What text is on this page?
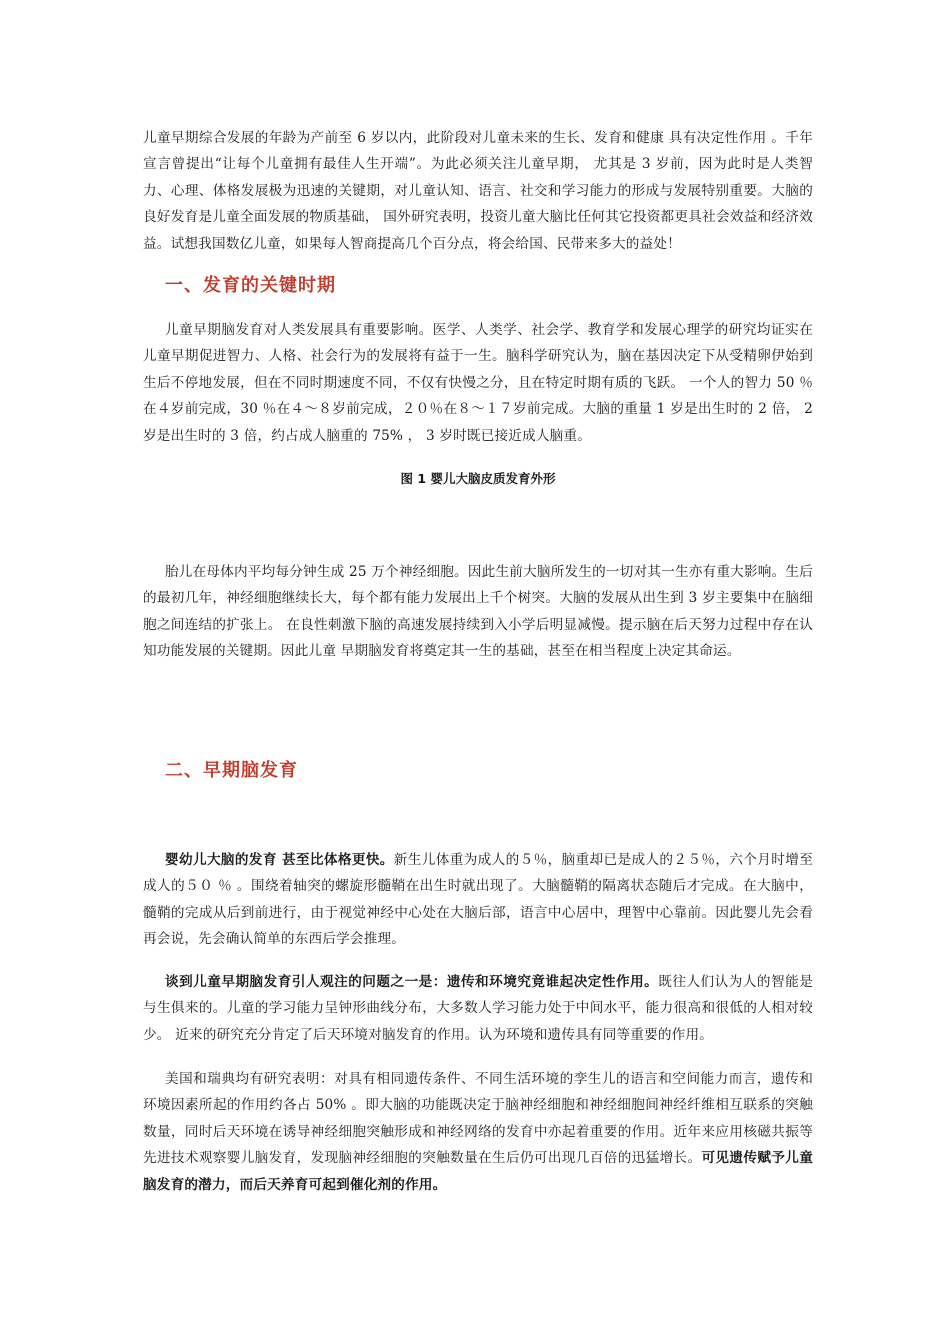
儿童早期综合发展的年龄为产前至 6 岁以内，此阶段对儿童未来的生长、发育和健康 具有决定性作用 。千年宣言曾提出“让每个儿童拥有最佳人生开端”。为此必须关注儿童早期， 尤其是 3 岁前，因为此时是人类智力、心理、体格发展极为迅速的关键期，对儿童认知、语言、社交和学习能力的形成与发展特别重要。大脑的良好发育是儿童全面发展的物质基础， 国外研究表明，投资儿童大脑比任何其它投资都更具社会效益和经济效益。试想我国数亿儿童，如果每人智商提高几个百分点，将会给国、民带来多大的益处！

一、发育的关键时期

儿童早期脑发育对人类发展具有重要影响。医学、人类学、社会学、教育学和发展心理学的研究均证实在儿童早期促进智力、人格、社会行为的发展将有益于一生。脑科学研究认为，脑在基因决定下从受精卵伊始到生后不停地发展，但在不同时期速度不同，不仅有快慢之分，且在特定时期有质的飞跃。 一个人的智力 50 ％在４岁前完成，30 ％在４～８岁前完成，２０％在８～１７岁前完成。大脑的重量 1 岁是出生时的 2 倍， 2 岁是出生时的 3 倍，约占成人脑重的 75% ， 3 岁时既已接近成人脑重。

图 1 婴儿大脑皮质发育外形

胎儿在母体内平均每分钟生成 25 万个神经细胞。因此生前大脑所发生的一切对其一生亦有重大影响。生后的最初几年，神经细胞继续长大，每个都有能力发展出上千个树突。大脑的发展从出生到 3 岁主要集中在脑细胞之间连结的扩张上。 在良性刺激下脑的高速发展持续到入小学后明显减慢。提示脑在后天努力过程中存在认知功能发展的关键期。因此儿童 早期脑发育将奠定其一生的基础，甚至在相当程度上决定其命运。

二、早期脑发育

婴幼儿大脑的发育 甚至比体格更快。新生儿体重为成人的５％，脑重却已是成人的２５％，六个月时增至成人的５０ ％ 。围绕着轴突的螺旋形髓鞘在出生时就出现了。大脑髓鞘的隔离状态随后才完成。在大脑中，髓鞘的完成从后到前进行，由于视觉神经中心处在大脑后部，语言中心居中，理智中心靠前。因此婴儿先会看再会说，先会确认简单的东西后学会推理。

谈到儿童早期脑发育引人观注的问题之一是：遗传和环境究竟谁起决定性作用。既往人们认为人的智能是与生俱来的。儿童的学习能力呈钟形曲线分布，大多数人学习能力处于中间水平，能力很高和很低的人相对较少。 近来的研究充分肯定了后天环境对脑发育的作用。认为环境和遗传具有同等重要的作用。

美国和瑞典均有研究表明：对具有相同遗传条件、不同生活环境的孪生儿的语言和空间能力而言，遗传和环境因素所起的作用约各占 50% 。即大脑的功能既决定于脑神经细胞和神经细胞间神经纤维相互联系的突触数量，同时后天环境在诱导神经细胞突触形成和神经网络的发育中亦起着重要的作用。近年来应用核磁共振等先进技术观察婴儿脑发育，发现脑神经细胞的突触数量在生后仍可出现几百倍的迅猛增长。可见遗传赋予儿童脑发育的潜力，而后天养育可起到催化剂的作用。
